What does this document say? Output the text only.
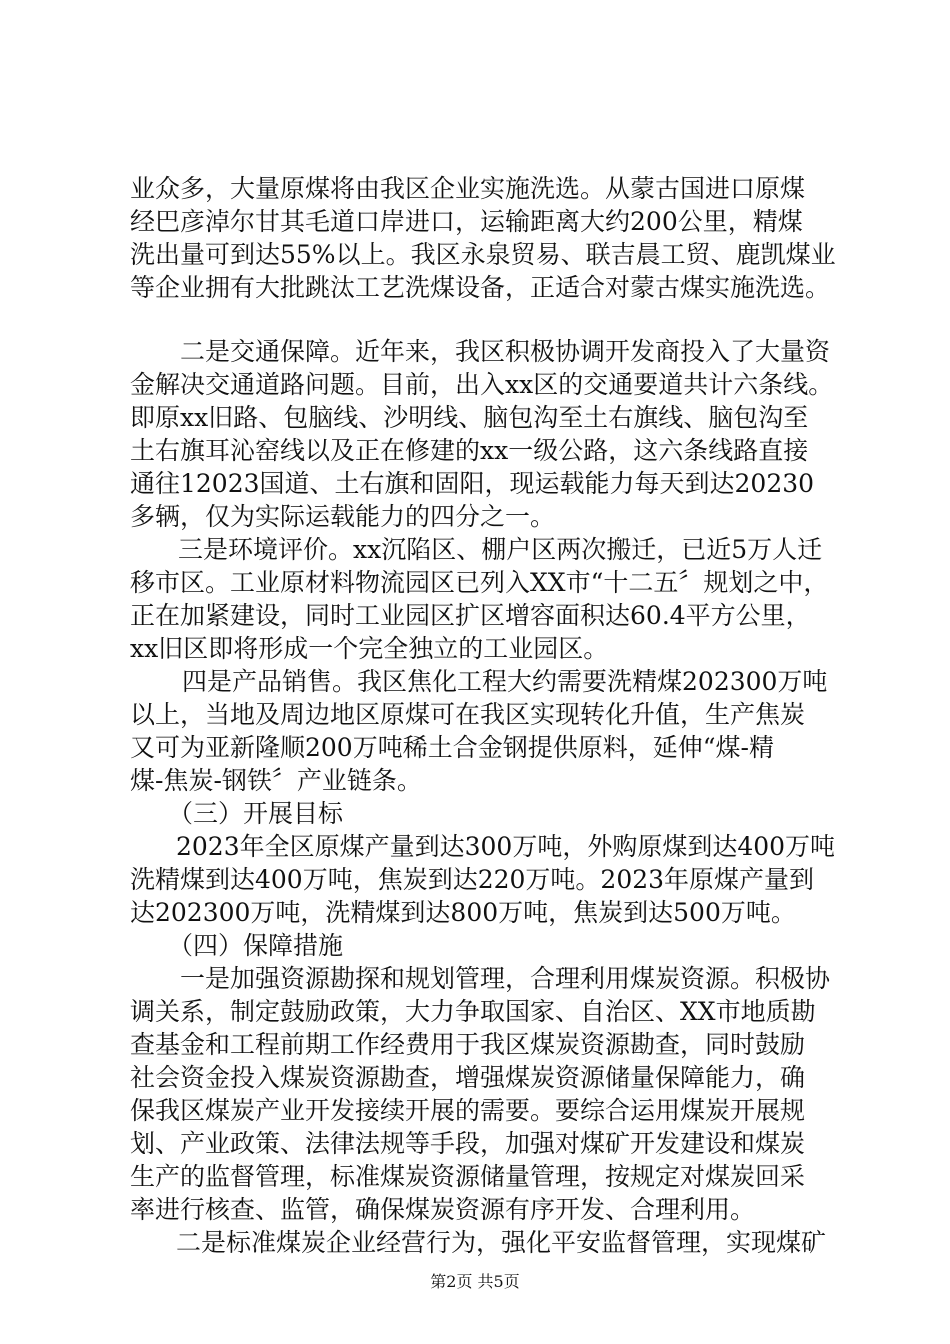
业众多，大量原煤将由我区企业实施洗选。从蒙古国进口原煤
经巴彦淖尔甘其毛道口岸进口，运输距离大约200公里，精煤
洗出量可到达55%以上。我区永泉贸易、联吉晨工贸、鹿凯煤业
等企业拥有大批跳汰工艺洗煤设备，正适合对蒙古煤实施洗选。
二是交通保障。近年来，我区积极协调开发商投入了大量资
金解决交通道路问题。目前，出入xx区的交通要道共计六条线。
即原xx旧路、包脑线、沙明线、脑包沟至土右旗线、脑包沟至
土右旗耳沁窑线以及正在修建的xx一级公路，这六条线路直接
通往12023国道、土右旗和固阳，现运载能力每天到达20230
多辆，仅为实际运载能力的四分之一。
三是环境评价。xx沉陷区、棚户区两次搬迁，已近5万人迁
移市区。工业原材料物流园区已列入XX市“十二五〞规划之中，
正在加紧建设，同时工业园区扩区增容面积达60.4平方公里，
xx旧区即将形成一个完全独立的工业园区。
四是产品销售。我区焦化工程大约需要洗精煤202300万吨
以上，当地及周边地区原煤可在我区实现转化升值，生产焦炭
又可为亚新隆顺200万吨稀土合金钢提供原料，延伸“煤-精
煤-焦炭-钢铁〞产业链条。
（三）开展目标
2023年全区原煤产量到达300万吨，外购原煤到达400万吨
洗精煤到达400万吨，焦炭到达220万吨。2023年原煤产量到
达202300万吨，洗精煤到达800万吨，焦炭到达500万吨。
（四）保障措施
一是加强资源勘探和规划管理，合理利用煤炭资源。积极协
调关系，制定鼓励政策，大力争取国家、自治区、XX市地质勘
查基金和工程前期工作经费用于我区煤炭资源勘查，同时鼓励
社会资金投入煤炭资源勘查，增强煤炭资源储量保障能力，确
保我区煤炭产业开发接续开展的需要。要综合运用煤炭开展规
划、产业政策、法律法规等手段，加强对煤矿开发建设和煤炭
生产的监督管理，标准煤炭资源储量管理，按规定对煤炭回采
率进行核查、监管，确保煤炭资源有序开发、合理利用。
二是标准煤炭企业经营行为，强化平安监督管理，实现煤矿
第2页 共5页
